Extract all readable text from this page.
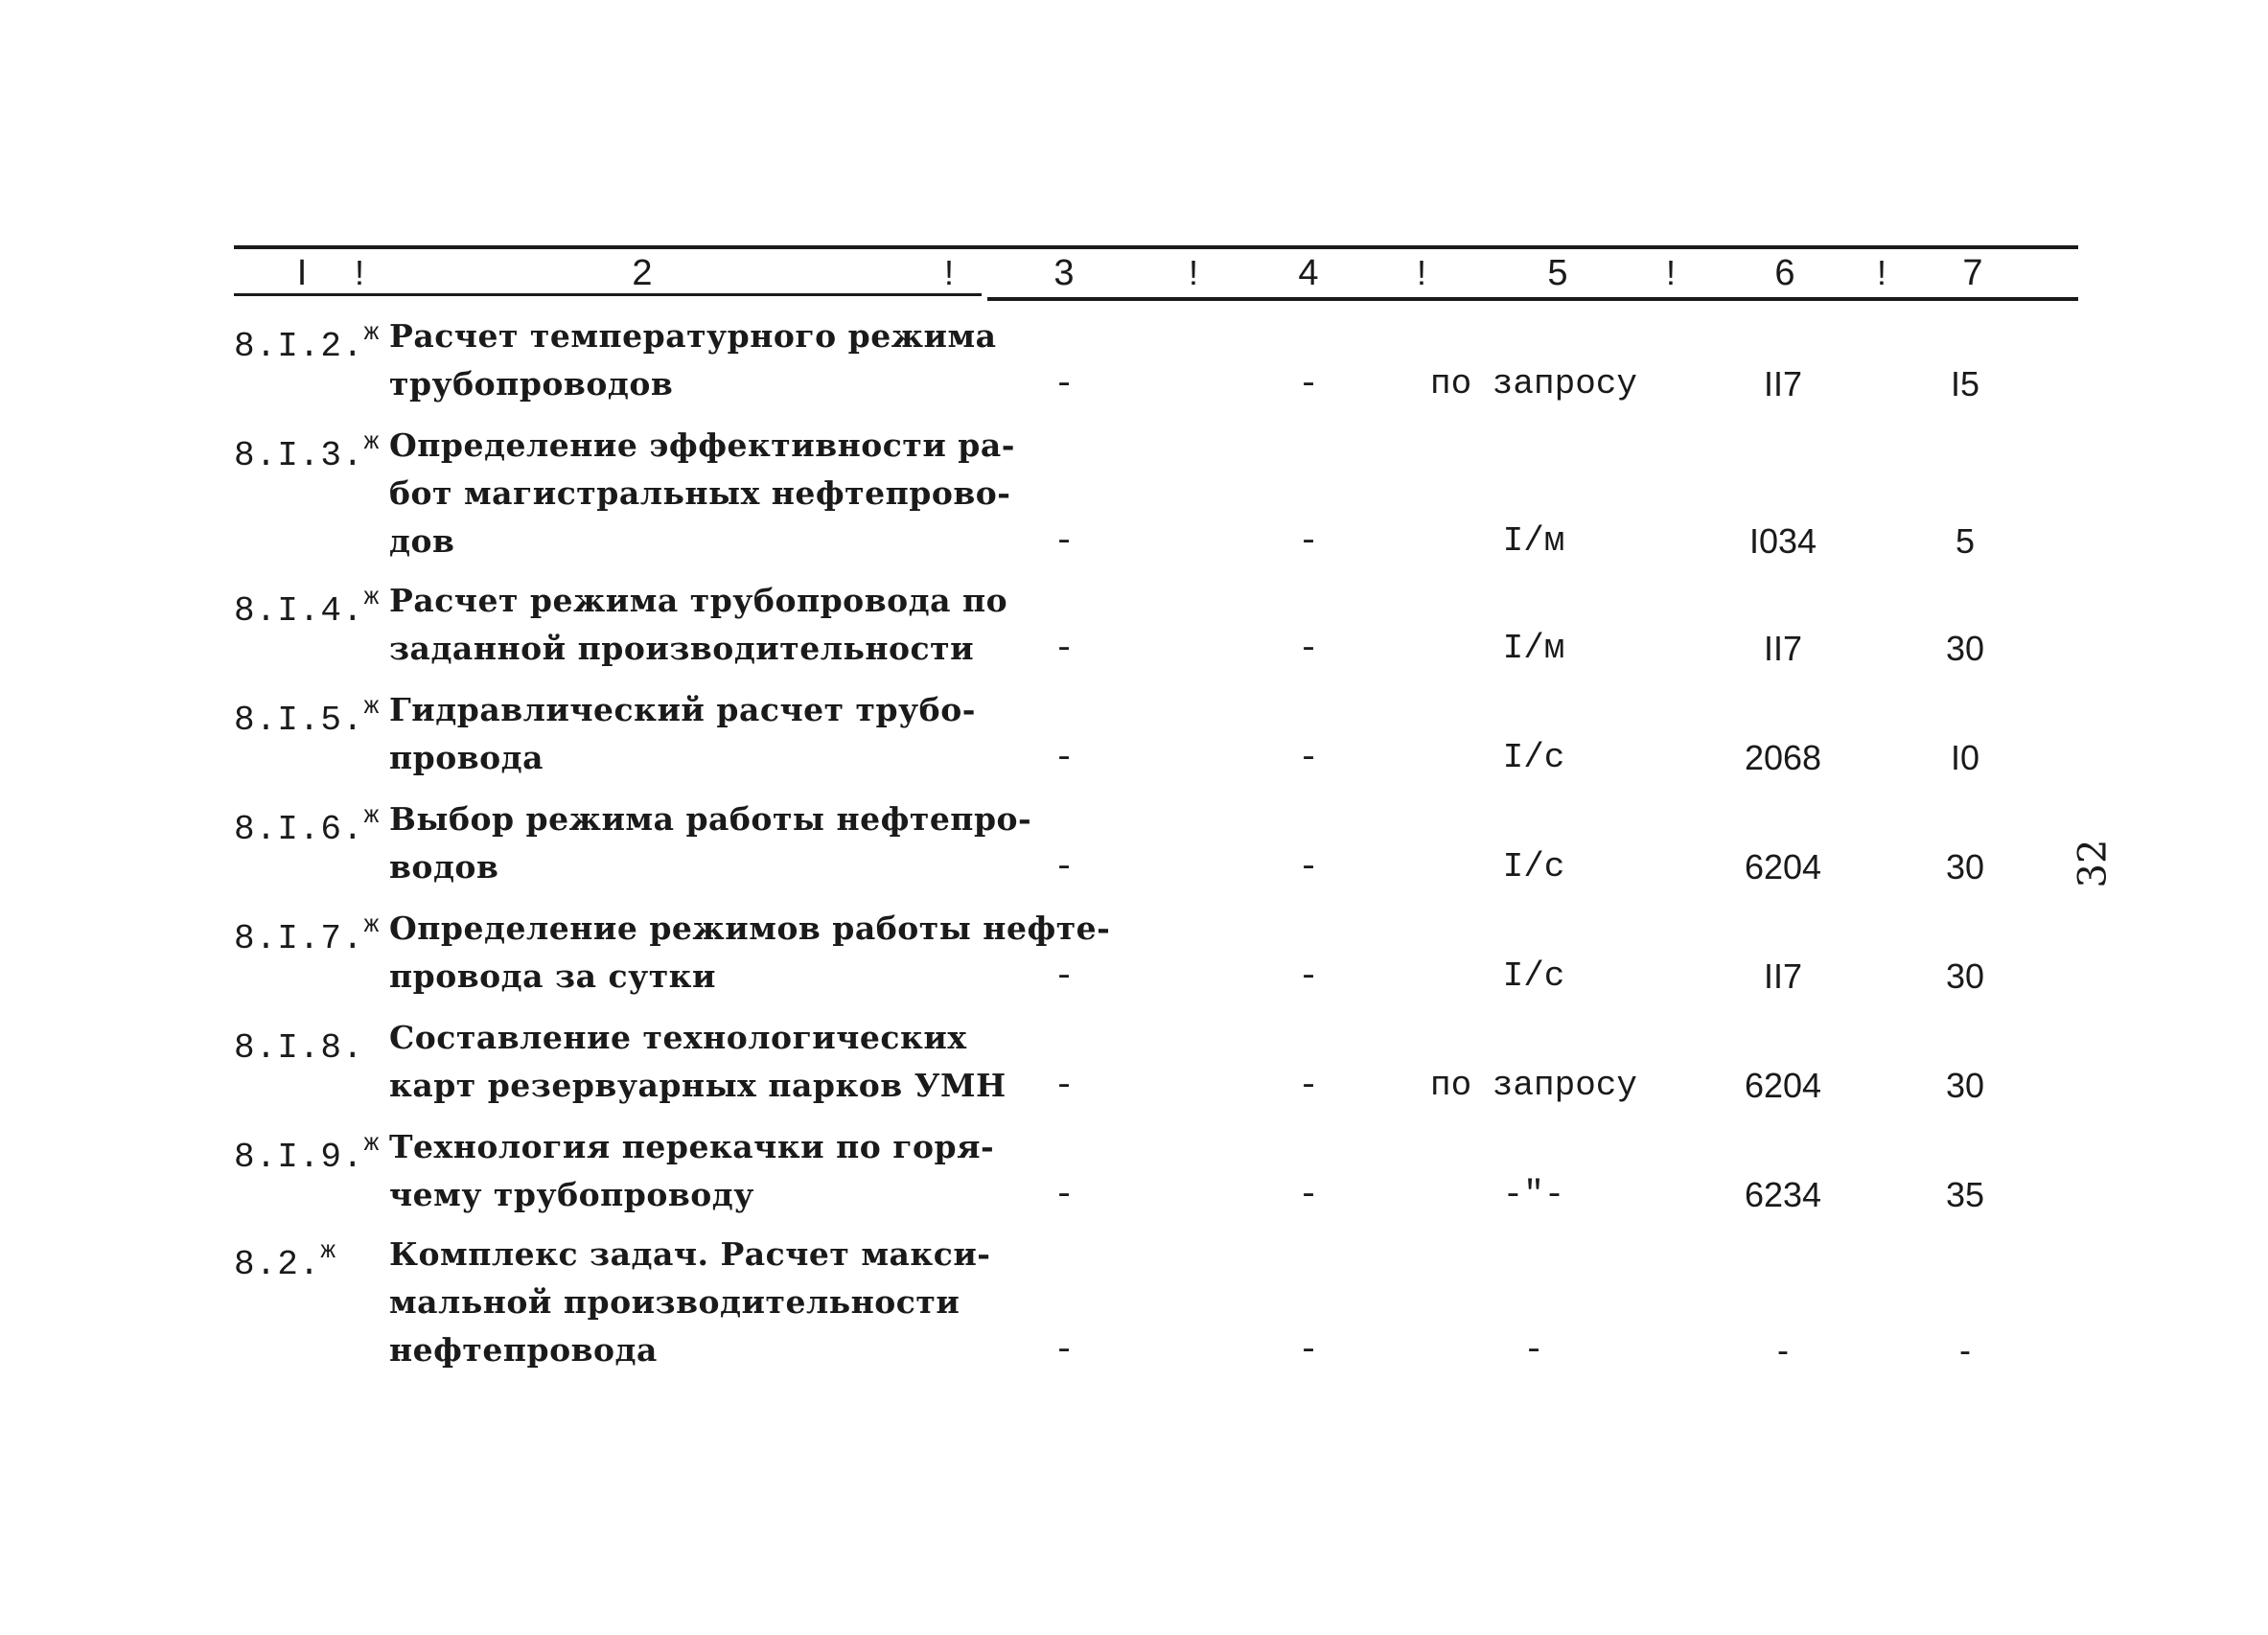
I	2	3	4	5	6	7
!	!	!	!	!	!
8.I.2.$^ж$ Расчет температурного режима
трубопроводов	-	-	по запросу	II7	I5
8.I.3.$^ж$ Определение эффективности ра-
бот магистральных нефтепрово-
дов	-	-	I/м	I034	5
8.I.4.$^ж$ Расчет режима трубопровода по
заданной производительности	-	-	I/м	II7	30
8.I.5.$^ж$ Гидравлический расчет трубо-
провода	-	-	I/с	2068	I0
8.I.6.$^ж$ Выбор режима работы нефтепро-
водов	-	-	I/с	6204	30
8.I.7.$^ж$ Определение режимов работы нефте-
провода за сутки	-	-	I/с	II7	30
8.I.8. Составление технологических
карт резервуарных парков УМН	-	-	по запросу	6204	30
8.I.9.$^ж$ Технология перекачки по горя-
чему трубопроводу	-	-	-"-	6234	35
8.2.$^ж$ Комплекс задач. Расчет макси-
мальной производительности
нефтепровода	-	-	-	-	-
32
